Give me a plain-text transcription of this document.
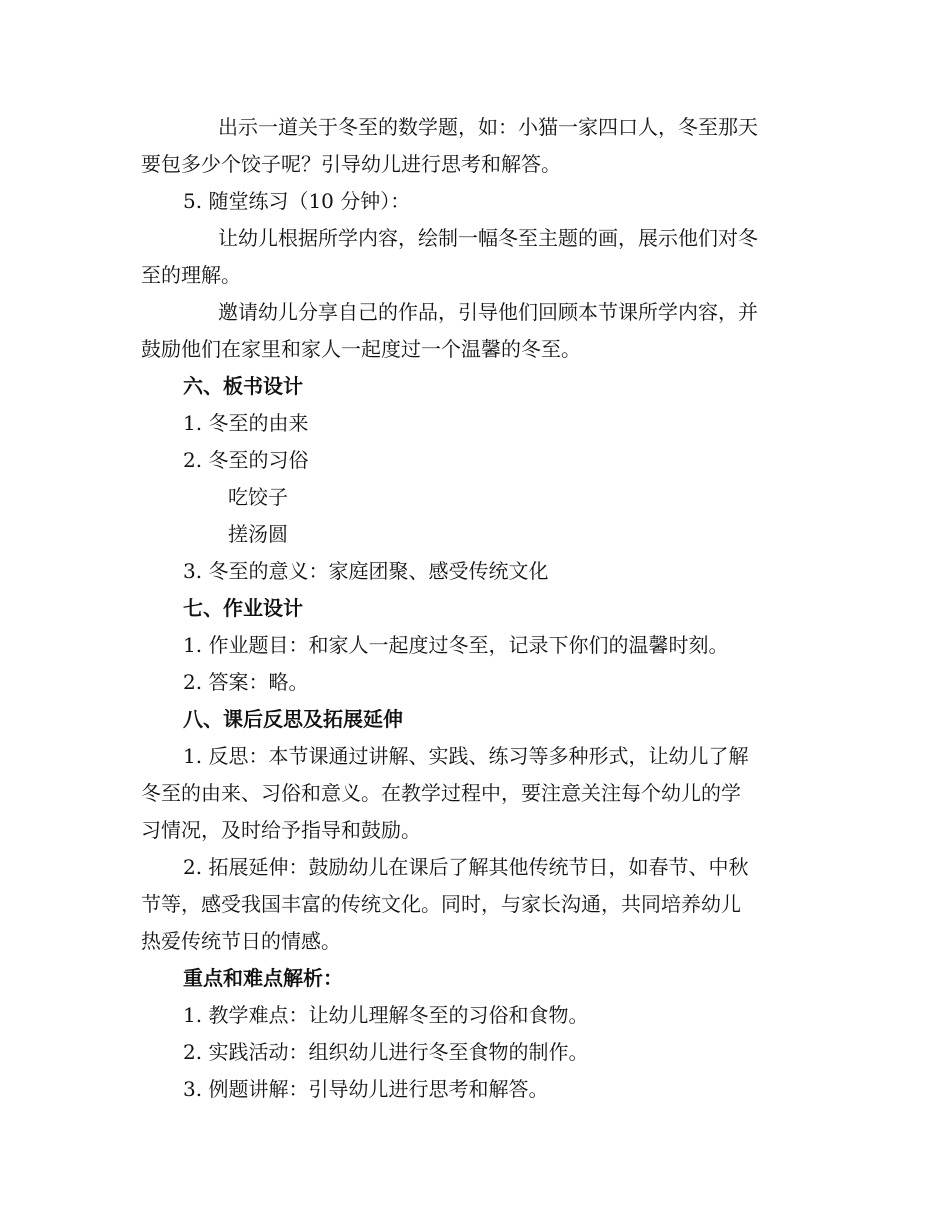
出示一道关于冬至的数学题，如：小猫一家四口人，冬至那天
要包多少个饺子呢？引导幼儿进行思考和解答。
5. 随堂练习（10 分钟）：
让幼儿根据所学内容，绘制一幅冬至主题的画，展示他们对冬
至的理解。
邀请幼儿分享自己的作品，引导他们回顾本节课所学内容，并
鼓励他们在家里和家人一起度过一个温馨的冬至。
六、板书设计
1. 冬至的由来
2. 冬至的习俗
吃饺子
搓汤圆
3. 冬至的意义：家庭团聚、感受传统文化
七、作业设计
1. 作业题目：和家人一起度过冬至，记录下你们的温馨时刻。
2. 答案：略。
八、课后反思及拓展延伸
1. 反思：本节课通过讲解、实践、练习等多种形式，让幼儿了解
冬至的由来、习俗和意义。在教学过程中，要注意关注每个幼儿的学
习情况，及时给予指导和鼓励。
2. 拓展延伸：鼓励幼儿在课后了解其他传统节日，如春节、中秋
节等，感受我国丰富的传统文化。同时，与家长沟通，共同培养幼儿
热爱传统节日的情感。
重点和难点解析：
1. 教学难点：让幼儿理解冬至的习俗和食物。
2. 实践活动：组织幼儿进行冬至食物的制作。
3. 例题讲解：引导幼儿进行思考和解答。
